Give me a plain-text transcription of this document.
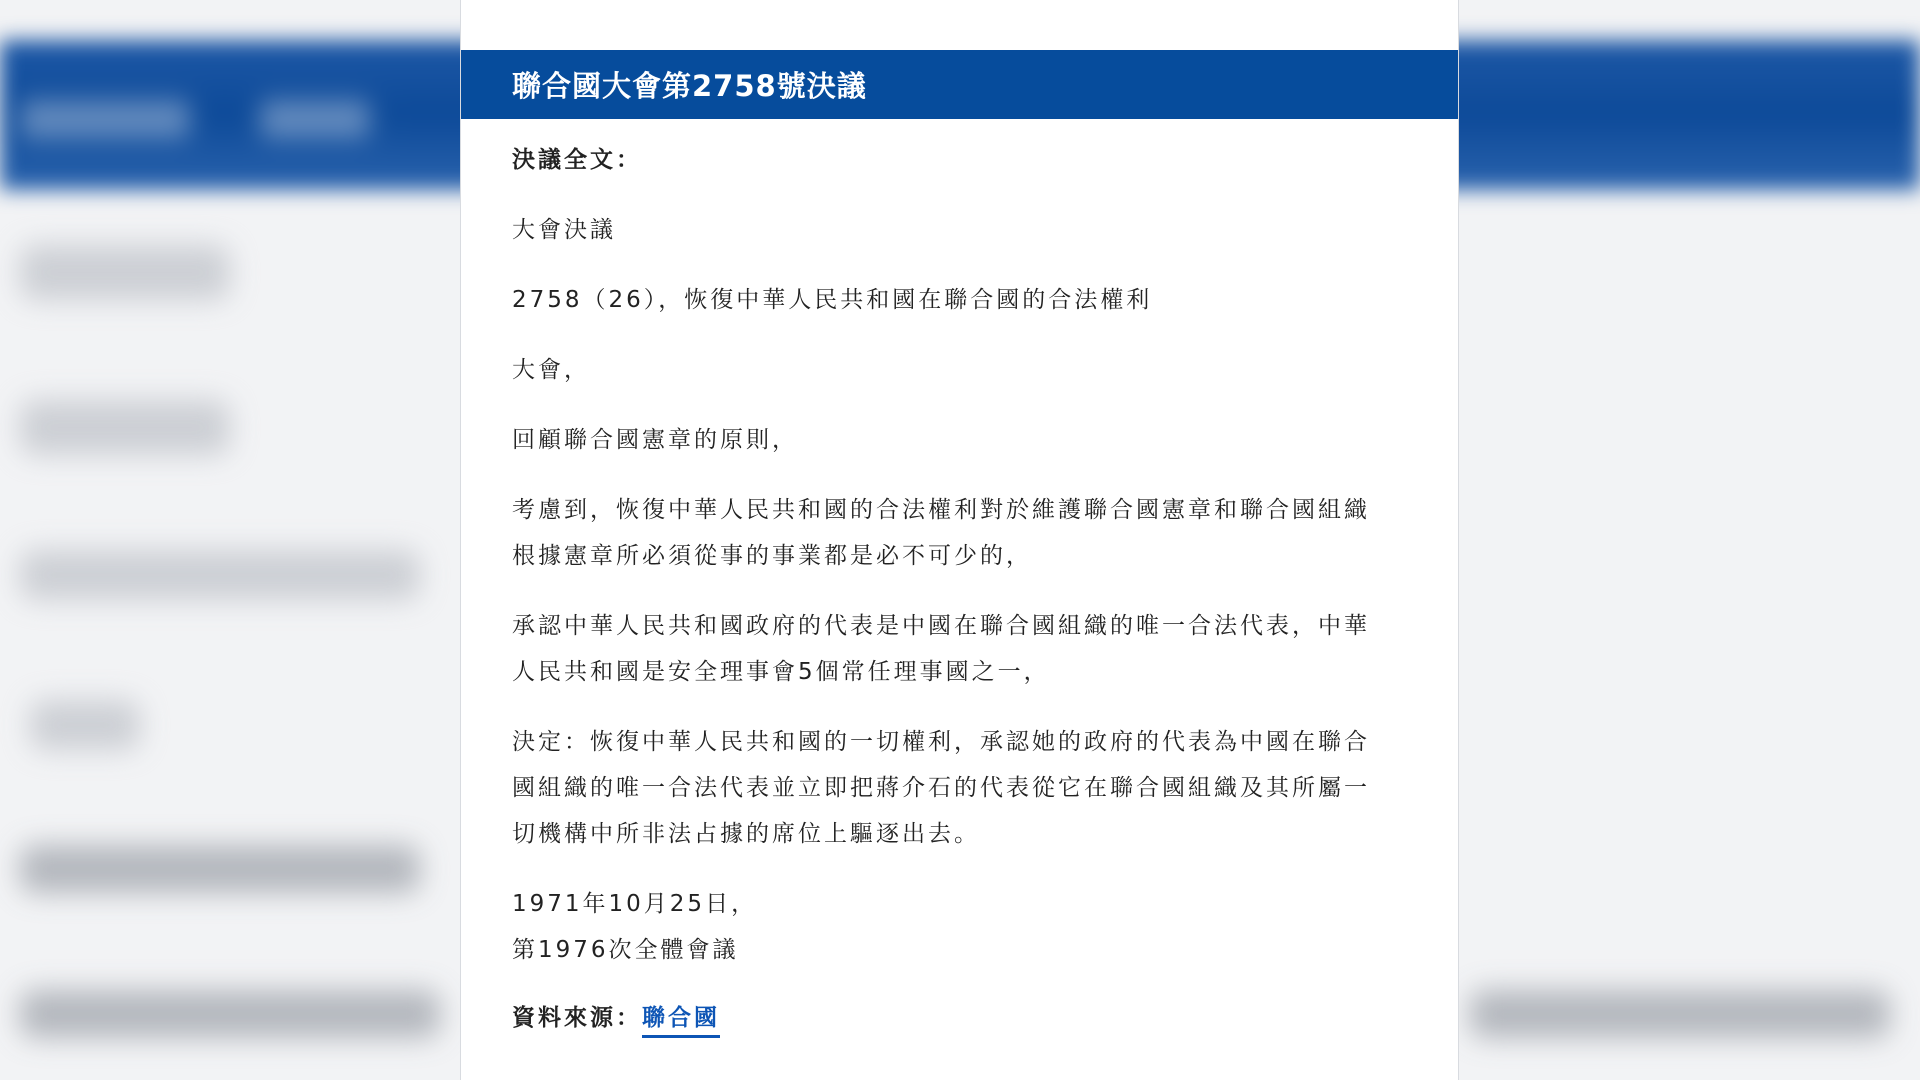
聯合國大會第2758號決議

決議全文：

大會決議

2758（26），恢復中華人民共和國在聯合國的合法權利

大會，

回顧聯合國憲章的原則，

考慮到，恢復中華人民共和國的合法權利對於維護聯合國憲章和聯合國組織根據憲章所必須從事的事業都是必不可少的，

承認中華人民共和國政府的代表是中國在聯合國組織的唯一合法代表，中華人民共和國是安全理事會5個常任理事國之一，

決定：恢復中華人民共和國的一切權利，承認她的政府的代表為中國在聯合國組織的唯一合法代表並立即把蔣介石的代表從它在聯合國組織及其所屬一切機構中所非法占據的席位上驅逐出去。

1971年10月25日，
第1976次全體會議
資料來源：聯合國
